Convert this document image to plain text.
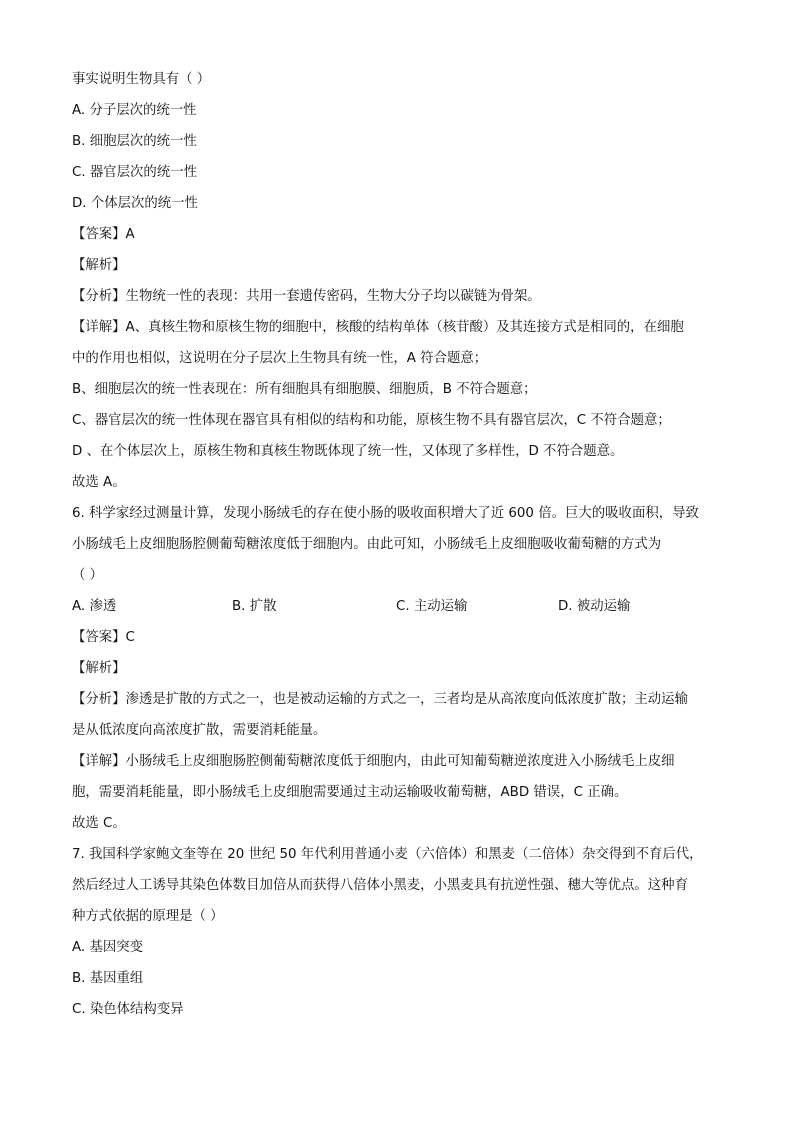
事实说明生物具有（ ）
A. 分子层次的统一性
B. 细胞层次的统一性
C. 器官层次的统一性
D. 个体层次的统一性
【答案】A
【解析】
【分析】生物统一性的表现：共用一套遗传密码，生物大分子均以碳链为骨架。
【详解】A、真核生物和原核生物的细胞中，核酸的结构单体（核苷酸）及其连接方式是相同的，在细胞
中的作用也相似，这说明在分子层次上生物具有统一性，A 符合题意；
B、细胞层次的统一性表现在：所有细胞具有细胞膜、细胞质，B 不符合题意；
C、器官层次的统一性体现在器官具有相似的结构和功能，原核生物不具有器官层次，C 不符合题意；
D 、在个体层次上，原核生物和真核生物既体现了统一性，又体现了多样性，D 不符合题意。
故选 A。
6. 科学家经过测量计算，发现小肠绒毛的存在使小肠的吸收面积增大了近 600 倍。巨大的吸收面积，导致
小肠绒毛上皮细胞肠腔侧葡萄糖浓度低于细胞内。由此可知，小肠绒毛上皮细胞吸收葡萄糖的方式为
（ ）
A. 渗透	B. 扩散	C. 主动运输	D. 被动运输
【答案】C
【解析】
【分析】渗透是扩散的方式之一，也是被动运输的方式之一，三者均是从高浓度向低浓度扩散；主动运输
是从低浓度向高浓度扩散，需要消耗能量。
【详解】小肠绒毛上皮细胞肠腔侧葡萄糖浓度低于细胞内，由此可知葡萄糖逆浓度进入小肠绒毛上皮细
胞，需要消耗能量，即小肠绒毛上皮细胞需要通过主动运输吸收葡萄糖，ABD 错误，C 正确。
故选 C。
7. 我国科学家鲍文奎等在 20 世纪 50 年代利用普通小麦（六倍体）和黑麦（二倍体）杂交得到不育后代，
然后经过人工诱导其染色体数目加倍从而获得八倍体小黑麦，小黑麦具有抗逆性强、穗大等优点。这种育
种方式依据的原理是（ ）
A. 基因突变
B. 基因重组
C. 染色体结构变异
